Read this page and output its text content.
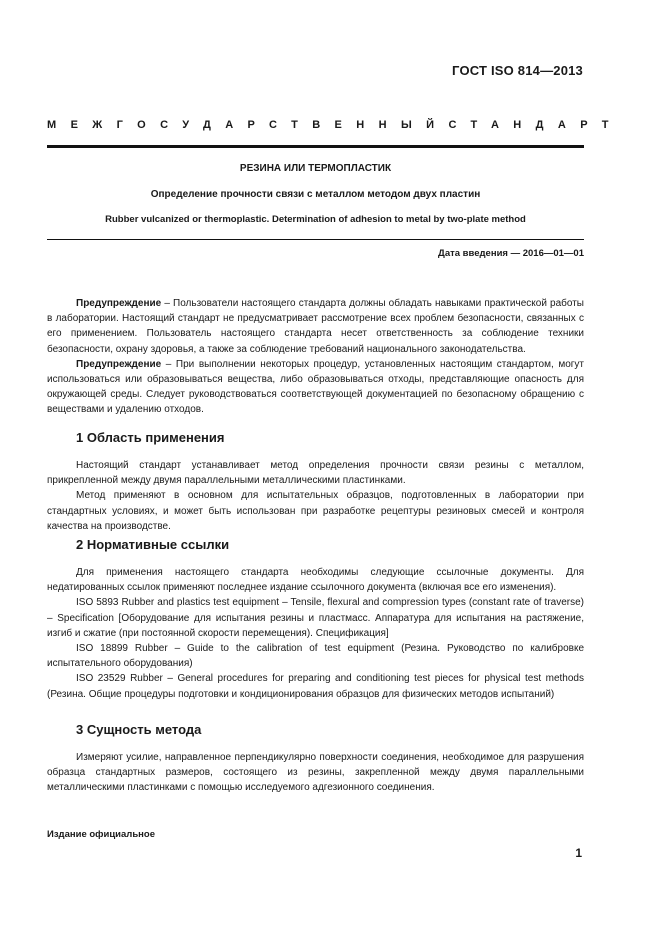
ГОСТ ISO 814—2013
МЕЖГОСУДАРСТВЕННЫЙ СТАНДАРТ
РЕЗИНА ИЛИ ТЕРМОПЛАСТИК
Определение прочности связи с металлом методом двух пластин
Rubber vulcanized or thermoplastic. Determination of adhesion to metal by two-plate method
Дата введения — 2016—01—01

Предупреждение – Пользователи настоящего стандарта должны обладать навыками практической работы в лаборатории. Настоящий стандарт не предусматривает рассмотрение всех проблем безопасности, связанных с его применением. Пользователь настоящего стандарта несет ответственность за соблюдение техники безопасности, охрану здоровья, а также за соблюдение требований национального законодательства.

Предупреждение – При выполнении некоторых процедур, установленных настоящим стандартом, могут использоваться или образовываться вещества, либо образовываться отходы, представляющие опасность для окружающей среды. Следует руководствоваться соответствующей документацией по безопасному обращению с веществами и удалению отходов.

1 Область применения

Настоящий стандарт устанавливает метод определения прочности связи резины с металлом, прикрепленной между двумя параллельными металлическими пластинками.

Метод применяют в основном для испытательных образцов, подготовленных в лаборатории при стандартных условиях, и может быть использован при разработке рецептуры резиновых смесей и контроля качества на производстве.

2 Нормативные ссылки

Для применения настоящего стандарта необходимы следующие ссылочные документы. Для недатированных ссылок применяют последнее издание ссылочного документа (включая все его изменения).

ISO 5893 Rubber and plastics test equipment – Tensile, flexural and compression types (constant rate of traverse) – Specification [Оборудование для испытания резины и пластмасс. Аппаратура для испытания на растяжение, изгиб и сжатие (при постоянной скорости перемещения). Спецификация]

ISO 18899 Rubber – Guide to the calibration of test equipment (Резина. Руководство по калибровке испытательного оборудования)

ISO 23529 Rubber – General procedures for preparing and conditioning test pieces for physical test methods (Резина. Общие процедуры подготовки и кондиционирования образцов для физических методов испытаний)

3 Сущность метода

Измеряют усилие, направленное перпендикулярно поверхности соединения, необходимое для разрушения образца стандартных размеров, состоящего из резины, закрепленной между двумя параллельными металлическими пластинками с помощью исследуемого адгезионного соединения.

Издание официальное
1
